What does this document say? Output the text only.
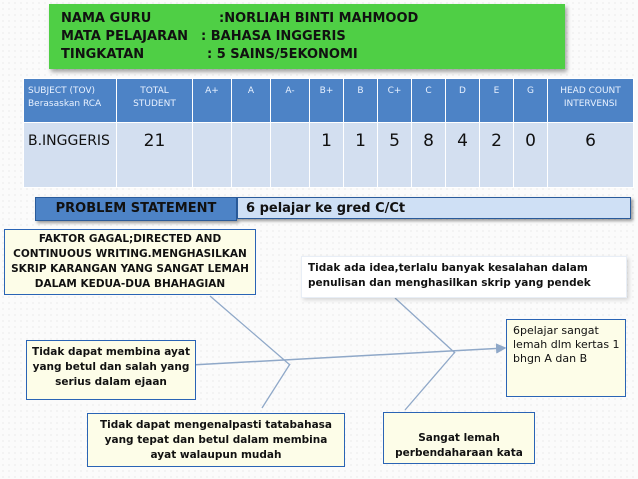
NAMA GURU	:NORLIAH BINTI MAHMOOD
MATA PELAJARAN : BAHASA INGGERIS
TINGKATAN	: 5 SAINS/5EKONOMI
SUBJECT (TOV) Berasaskan RCA	TOTAL STUDENT	A+	A	A-	B+	B	C+	C	D	E	G	HEAD COUNT INTERVENSI
B.INGGERIS	21				1	1	5	8	4	2	0	6
PROBLEM STATEMENT	6 pelajar ke gred C/Ct
FAKTOR GAGAL;DIRECTED AND CONTINUOUS WRITING.MENGHASILKAN SKRIP KARANGAN YANG SANGAT LEMAH DALAM KEDUA-DUA BHAHAGIAN
Tidak ada idea,terlalu banyak kesalahan dalam penulisan dan menghasilkan skrip yang pendek
Tidak dapat membina ayat yang betul dan salah yang serius dalam ejaan
6pelajar sangat lemah dlm kertas 1 bhgn A dan B
Tidak dapat mengenalpasti tatabahasa yang tepat dan betul dalam membina ayat walaupun mudah
Sangat lemah perbendaharaan kata
